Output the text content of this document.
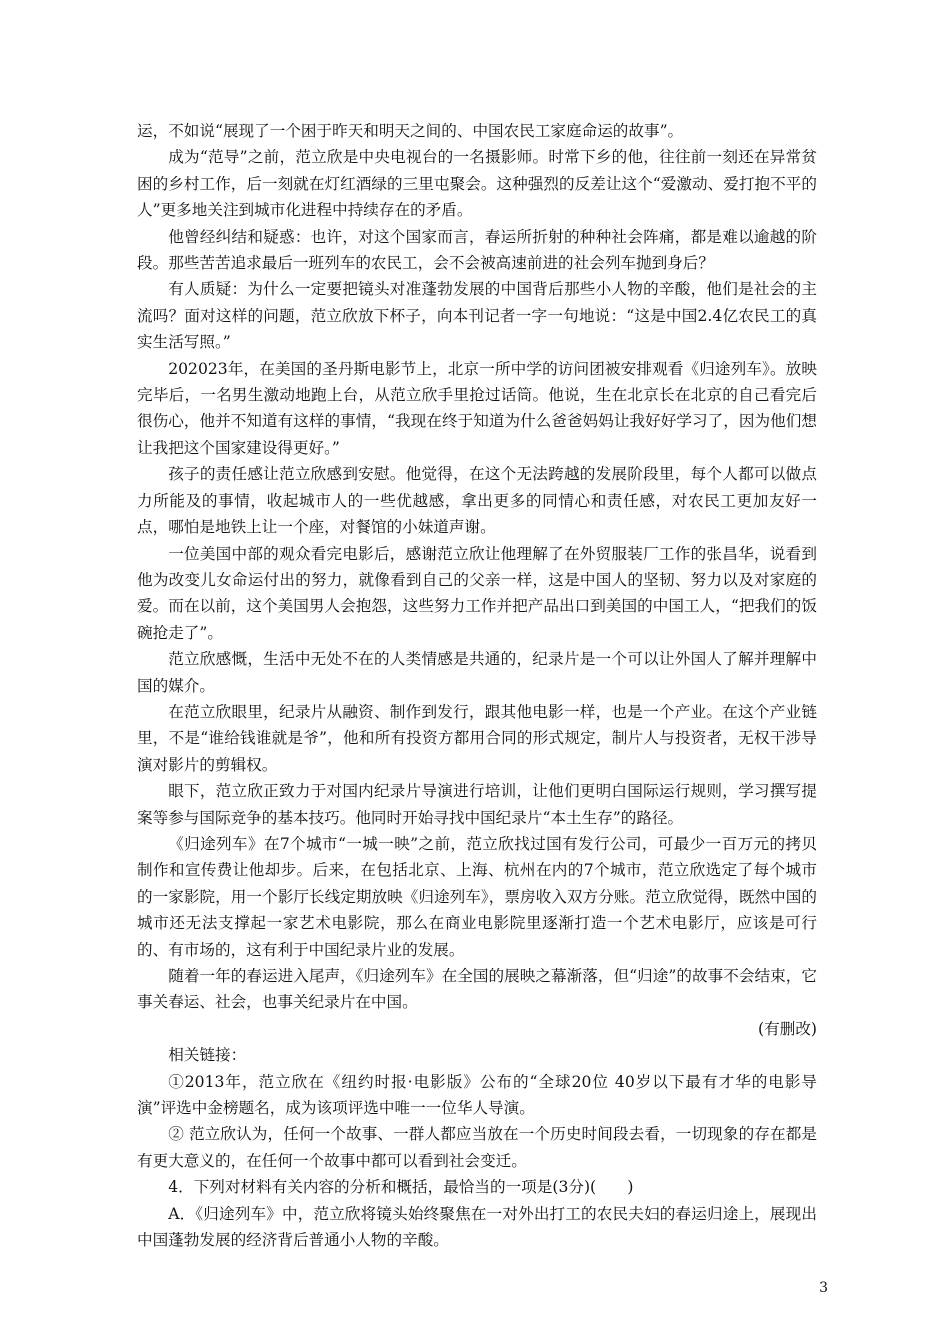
运，不如说“展现了一个困于昨天和明天之间的、中国农民工家庭命运的故事”。

成为“范导”之前，范立欣是中央电视台的一名摄影师。时常下乡的他，往往前一刻还在异常贫困的乡村工作，后一刻就在灯红酒绿的三里屯聚会。这种强烈的反差让这个“爱激动、爱打抱不平的人”更多地关注到城市化进程中持续存在的矛盾。

他曾经纠结和疑惑：也许，对这个国家而言，春运所折射的种种社会阵痛，都是难以逾越的阶段。那些苦苦追求最后一班列车的农民工，会不会被高速前进的社会列车抛到身后？

有人质疑：为什么一定要把镜头对准蓬勃发展的中国背后那些小人物的辛酸，他们是社会的主流吗？面对这样的问题，范立欣放下杯子，向本刊记者一字一句地说：“这是中国2.4亿农民工的真实生活写照。”

202023年，在美国的圣丹斯电影节上，北京一所中学的访问团被安排观看《归途列车》。放映完毕后，一名男生激动地跑上台，从范立欣手里抢过话筒。他说，生在北京长在北京的自己看完后很伤心，他并不知道有这样的事情，“我现在终于知道为什么爸爸妈妈让我好好学习了，因为他们想让我把这个国家建设得更好。”

孩子的责任感让范立欣感到安慰。他觉得，在这个无法跨越的发展阶段里，每个人都可以做点力所能及的事情，收起城市人的一些优越感，拿出更多的同情心和责任感，对农民工更加友好一点，哪怕是地铁上让一个座，对餐馆的小妹道声谢。

一位美国中部的观众看完电影后，感谢范立欣让他理解了在外贸服装厂工作的张昌华，说看到他为改变儿女命运付出的努力，就像看到自己的父亲一样，这是中国人的坚韧、努力以及对家庭的爱。而在以前，这个美国男人会抱怨，这些努力工作并把产品出口到美国的中国工人，“把我们的饭碗抢走了”。

范立欣感慨，生活中无处不在的人类情感是共通的，纪录片是一个可以让外国人了解并理解中国的媒介。

在范立欣眼里，纪录片从融资、制作到发行，跟其他电影一样，也是一个产业。在这个产业链里，不是“谁给钱谁就是爷”，他和所有投资方都用合同的形式规定，制片人与投资者，无权干涉导演对影片的剪辑权。

眼下，范立欣正致力于对国内纪录片导演进行培训，让他们更明白国际运行规则，学习撰写提案等参与国际竞争的基本技巧。他同时开始寻找中国纪录片“本土生存”的路径。

《归途列车》在7个城市“一城一映”之前，范立欣找过国有发行公司，可最少一百万元的拷贝制作和宣传费让他却步。后来，在包括北京、上海、杭州在内的7个城市，范立欣选定了每个城市的一家影院，用一个影厅长线定期放映《归途列车》，票房收入双方分账。范立欣觉得，既然中国的城市还无法支撑起一家艺术电影院，那么在商业电影院里逐渐打造一个艺术电影厅，应该是可行的、有市场的，这有利于中国纪录片业的发展。

随着一年的春运进入尾声，《归途列车》在全国的展映之幕渐落，但“归途”的故事不会结束，它事关春运、社会，也事关纪录片在中国。

(有删改)

相关链接：

①2013年，范立欣在《纽约时报·电影版》公布的“全球20位 40岁以下最有才华的电影导演”评选中金榜题名，成为该项评选中唯一一位华人导演。

② 范立欣认为，任何一个故事、一群人都应当放在一个历史时间段去看，一切现象的存在都是有更大意义的，在任何一个故事中都可以看到社会变迁。

4．下列对材料有关内容的分析和概括，最恰当的一项是(3分)(　　)

A．《归途列车》中，范立欣将镜头始终聚焦在一对外出打工的农民夫妇的春运归途上，展现出中国蓬勃发展的经济背后普通小人物的辛酸。

3
